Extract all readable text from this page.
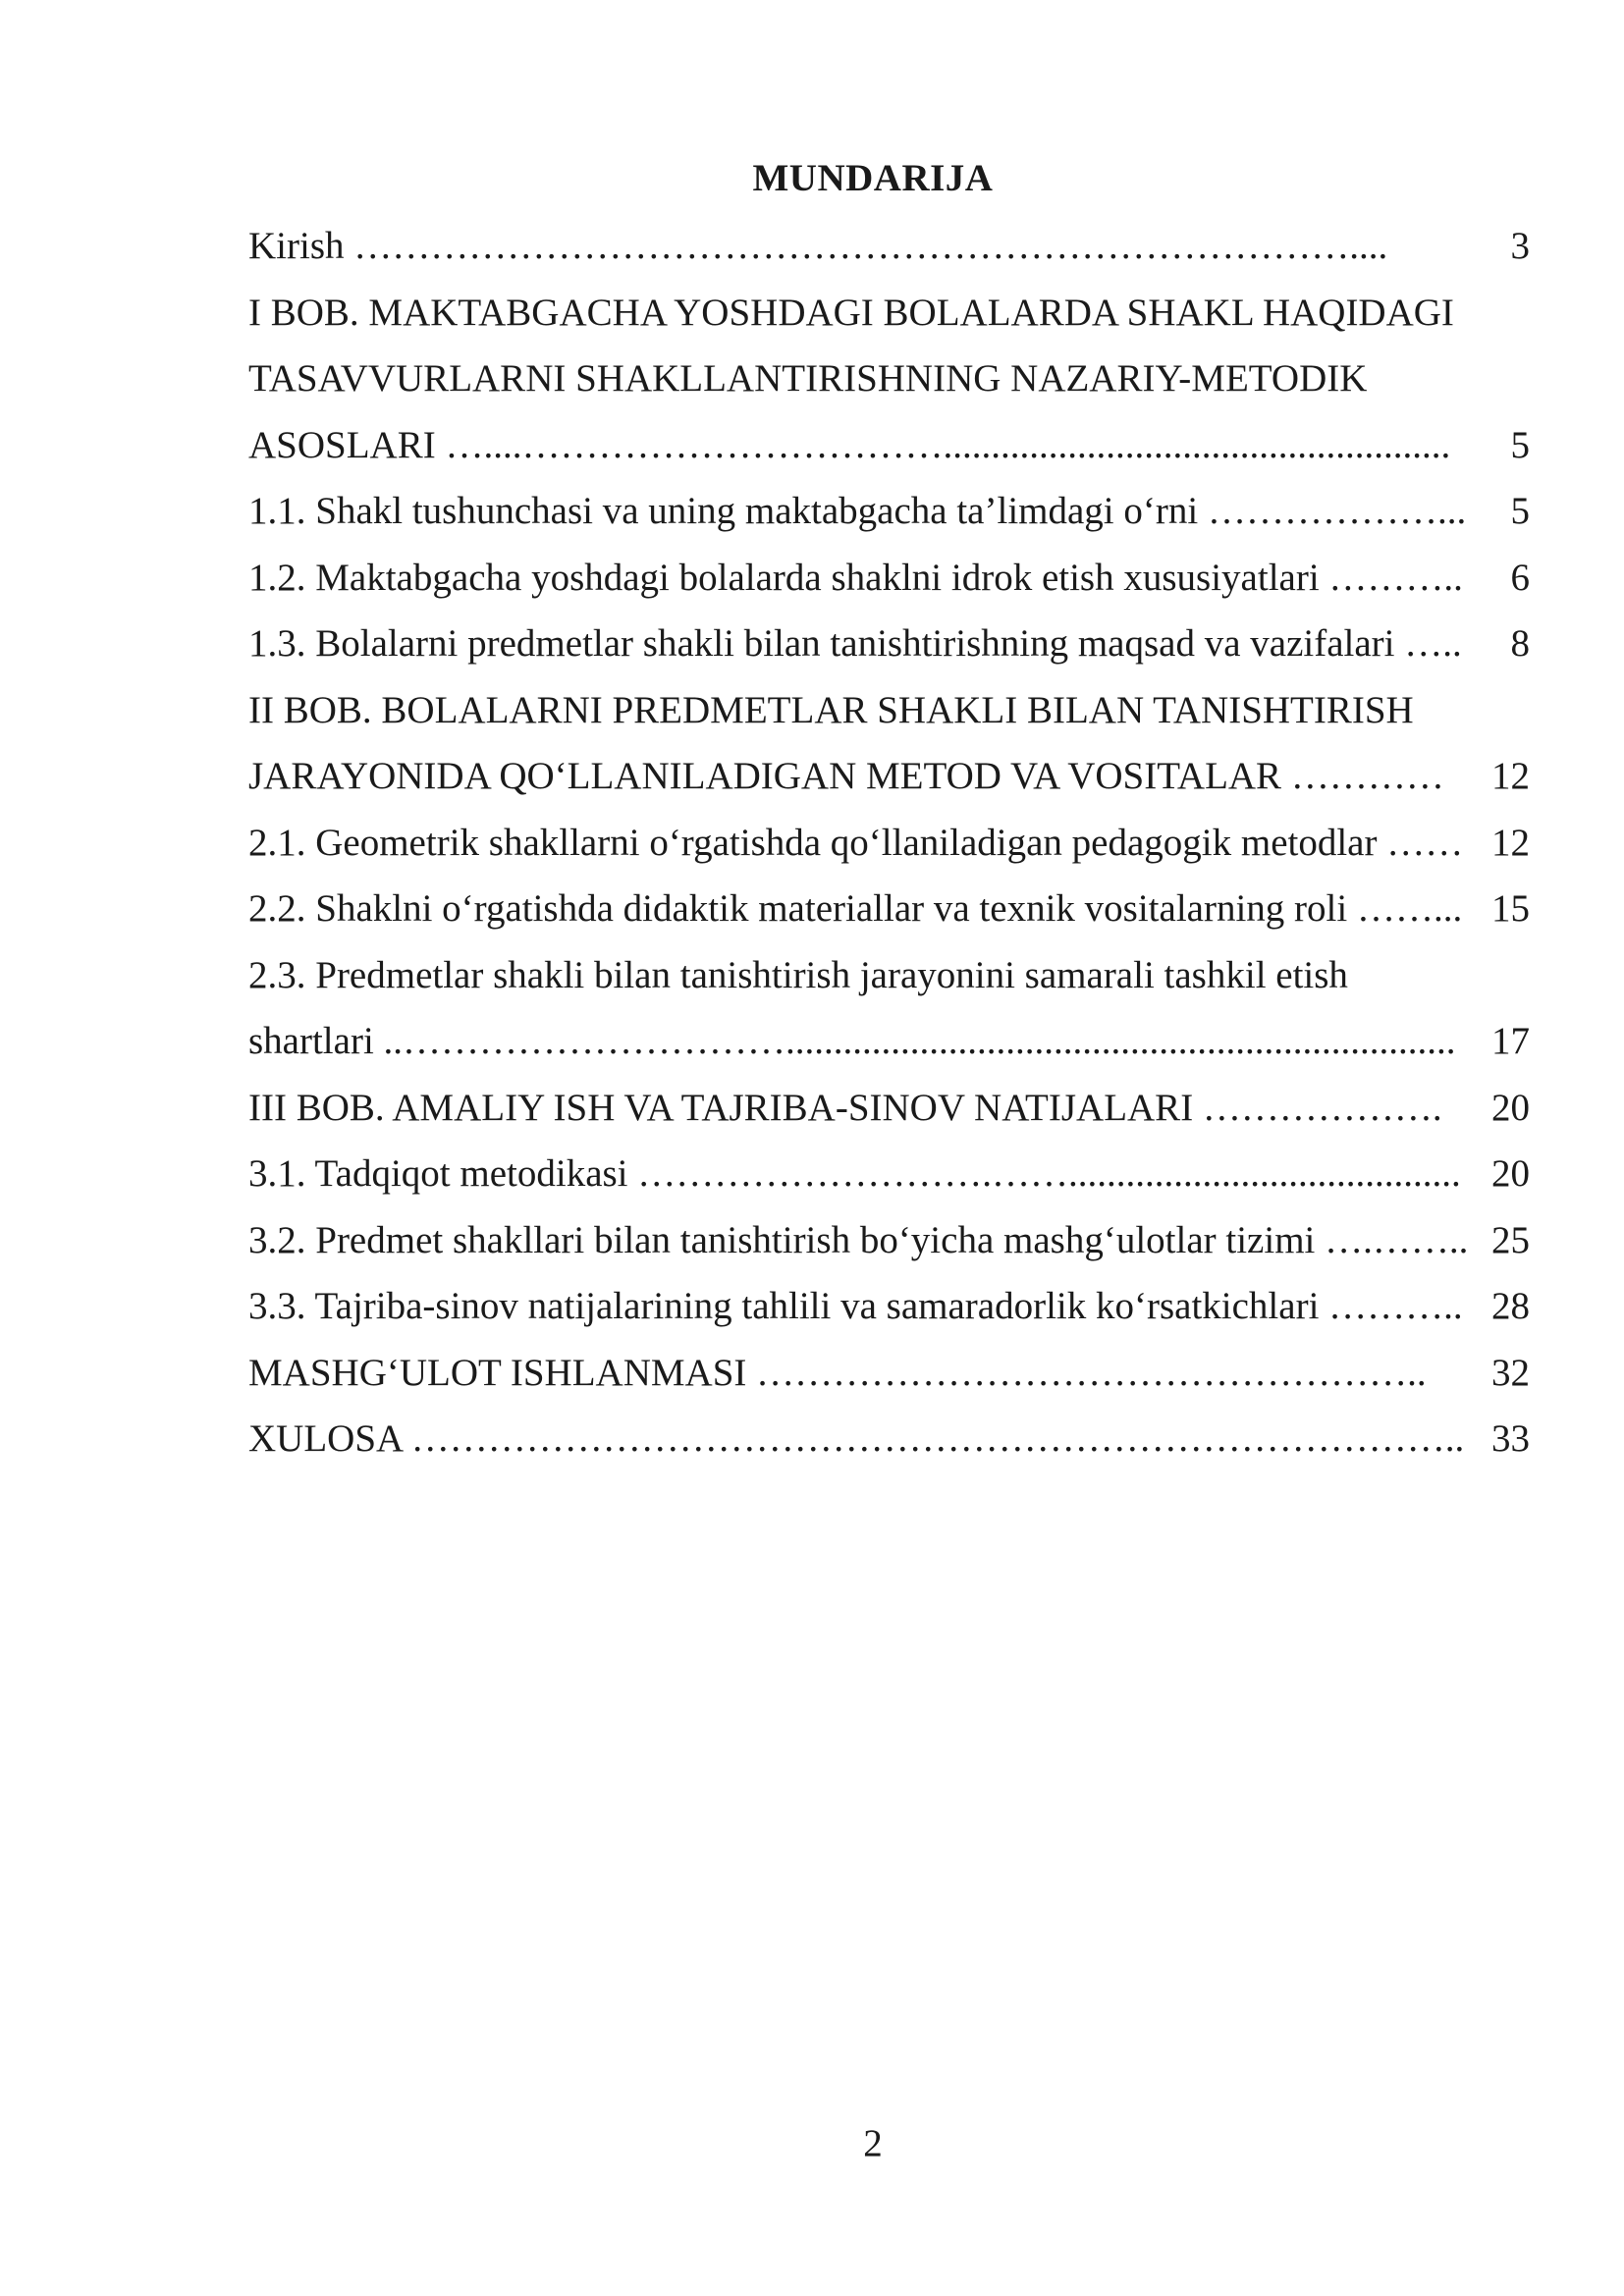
MUNDARIJA
Kirish ……………………………………………………………………....	3
I BOB. MAKTABGACHA YOSHDAGI BOLALARDA SHAKL HAQIDAGI
TASAVVURLARNI SHAKLLANTIRISHNING NAZARIY-METODIK
ASOSLARI …....……………………………..................................................... 5
1.1. Shakl tushunchasi va uning maktabgacha ta’limdagi o‘rni ………………... 5
1.2. Maktabgacha yoshdagi bolalarda shaklni idrok etish xususiyatlari ……….. 6
1.3. Bolalarni predmetlar shakli bilan tanishtirishning maqsad va vazifalari ….. 8
II BOB. BOLALARNI PREDMETLAR SHAKLI BILAN TANISHTIRISH
JARAYONIDA QO‘LLANILADIGAN METOD VA VOSITALAR ………… 12
2.1. Geometrik shakllarni o‘rgatishda qo‘llaniladigan pedagogik metodlar …… 12
2.2. Shaklni o‘rgatishda didaktik materiallar va texnik vositalarning roli ……... 15
2.3. Predmetlar shakli bilan tanishtirish jarayonini samarali tashkil etish
shartlari ..…………………………...................................................................... 17
III BOB. AMALIY ISH VA TAJRIBA-SINOV NATIJALARI ………………. 20
3.1. Tadqiqot metodikasi ……………………….……......................................... 20
3.2. Predmet shakllari bilan tanishtirish bo‘yicha mashg‘ulotlar tizimi ….…….. 25
3.3. Tajriba-sinov natijalarining tahlili va samaradorlik ko‘rsatkichlari ……….. 28
MASHG‘ULOT ISHLANMASI …………………………………………….. 32
XULOSA ……………………………………………………………………….. 33
2
